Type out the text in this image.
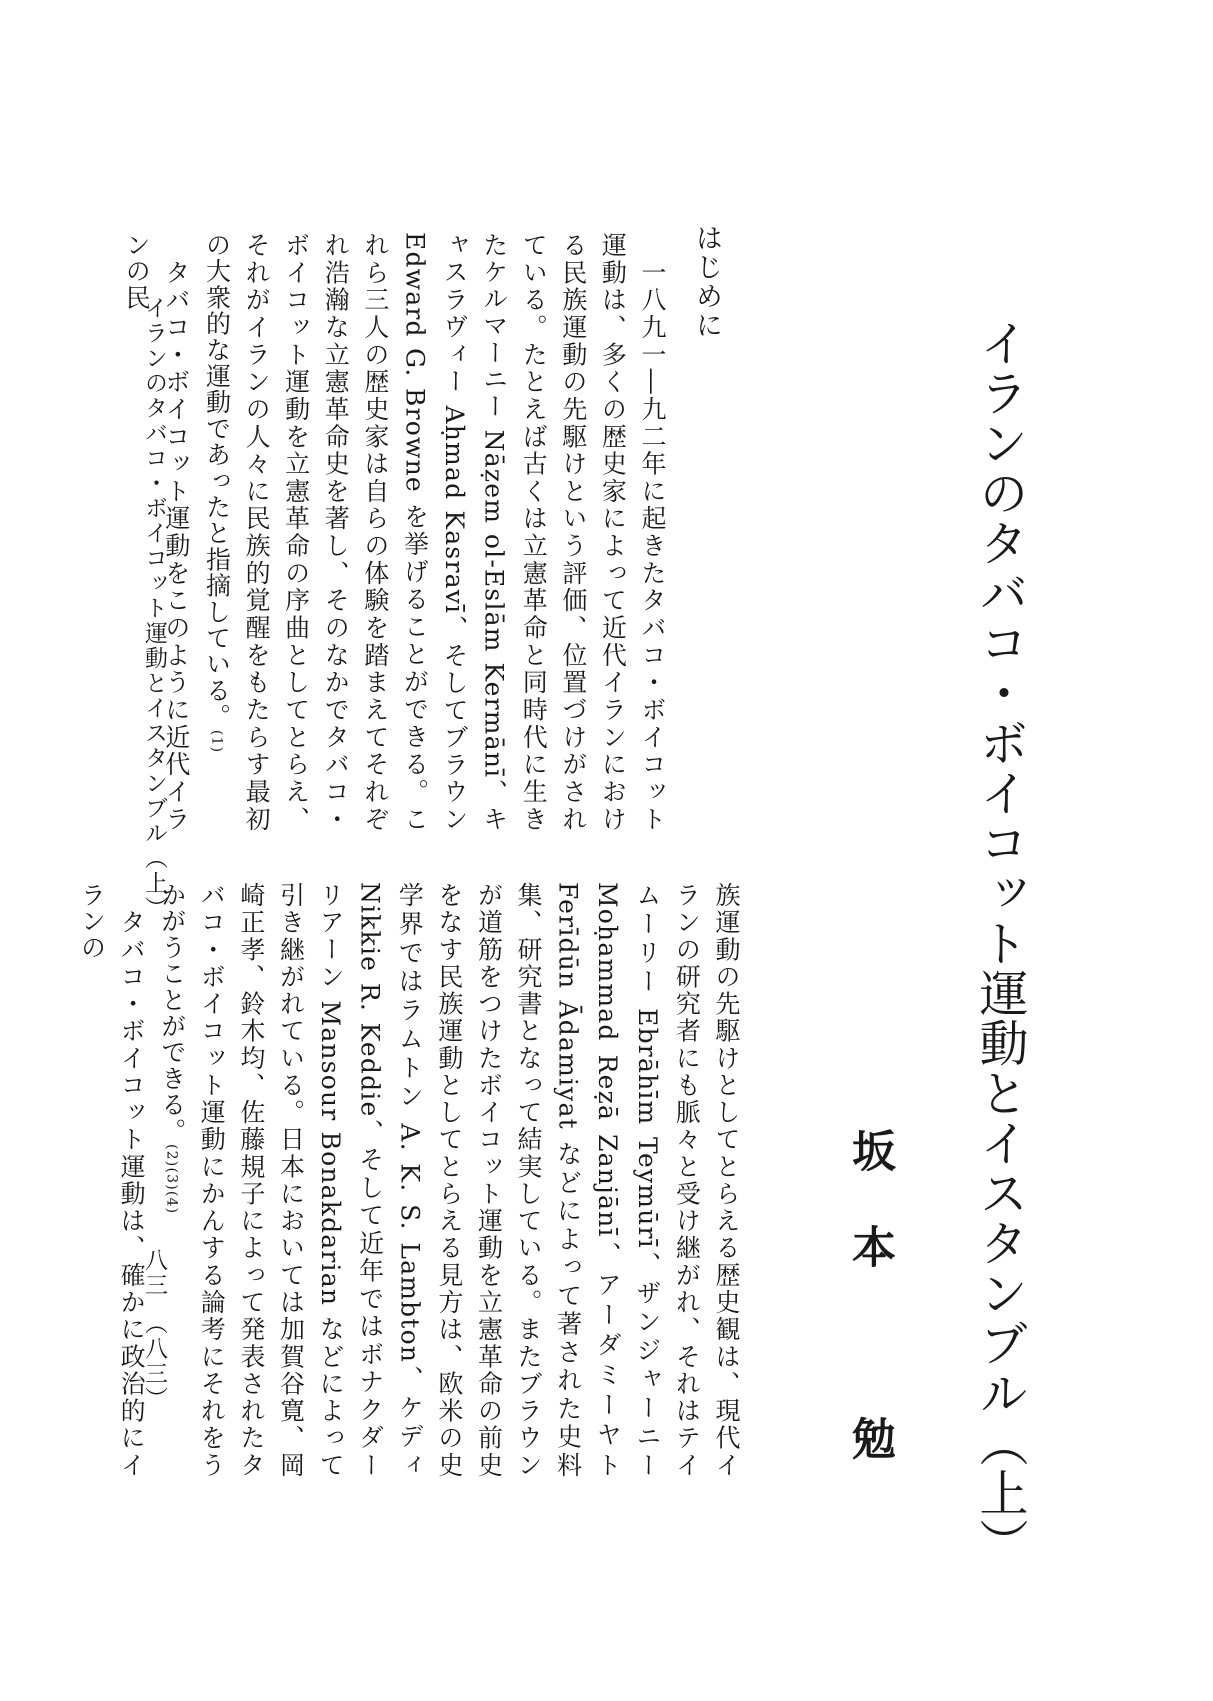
イランのタバコ・ボイコット運動とイスタンブル（上）
坂本　勉
はじめに

　一八九一―九二年に起きたタバコ・ボイコット運動は、多くの歴史家によって近代イランにおける民族運動の先駆けという評価、位置づけがされている。たとえば古くは立憲革命と同時代に生きたケルマーニー Nāẓem ol-Eslām Kermānī、キャスラヴィー Aḥmad Kasravī、そしてブラウン Edward G. Browne を挙げることができる。これら三人の歴史家は自らの体験を踏まえてそれぞれ浩瀚な立憲革命史を著し、そのなかでタバコ・ボイコット運動を立憲革命の序曲としてとらえ、それがイランの人々に民族的覚醒をもたらす最初の大衆的な運動であったと指摘している。(1)

　タバコ・ボイコット運動をこのように近代イランの民

族運動の先駆けとしてとらえる歴史観は、現代イランの研究者にも脈々と受け継がれ、それはテイムーリー Ebrāhīm Teymūrī、ザンジャーニー Moḥammad Reẓā Zanjānī、アーダミーヤト Ferīdūn Ādamiyat などによって著された史料集、研究書となって結実している。またブラウンが道筋をつけたボイコット運動を立憲革命の前史をなす民族運動としてとらえる見方は、欧米の史学界ではラムトン A. K. S. Lambton、ケディ Nikkie R. Keddie、そして近年ではボナクダーリアーン Mansour Bonakdarian などによって引き継がれている。日本においては加賀谷寛、岡崎正孝、鈴木均、佐藤規子によって発表されたタバコ・ボイコット運動にかんする論考にそれをうかがうことができる。(2)(3)(4)

　タバコ・ボイコット運動は、確かに政治的にイランの

イランのタバコ・ボイコット運動とイスタンブル（上）
八三　（八三）
